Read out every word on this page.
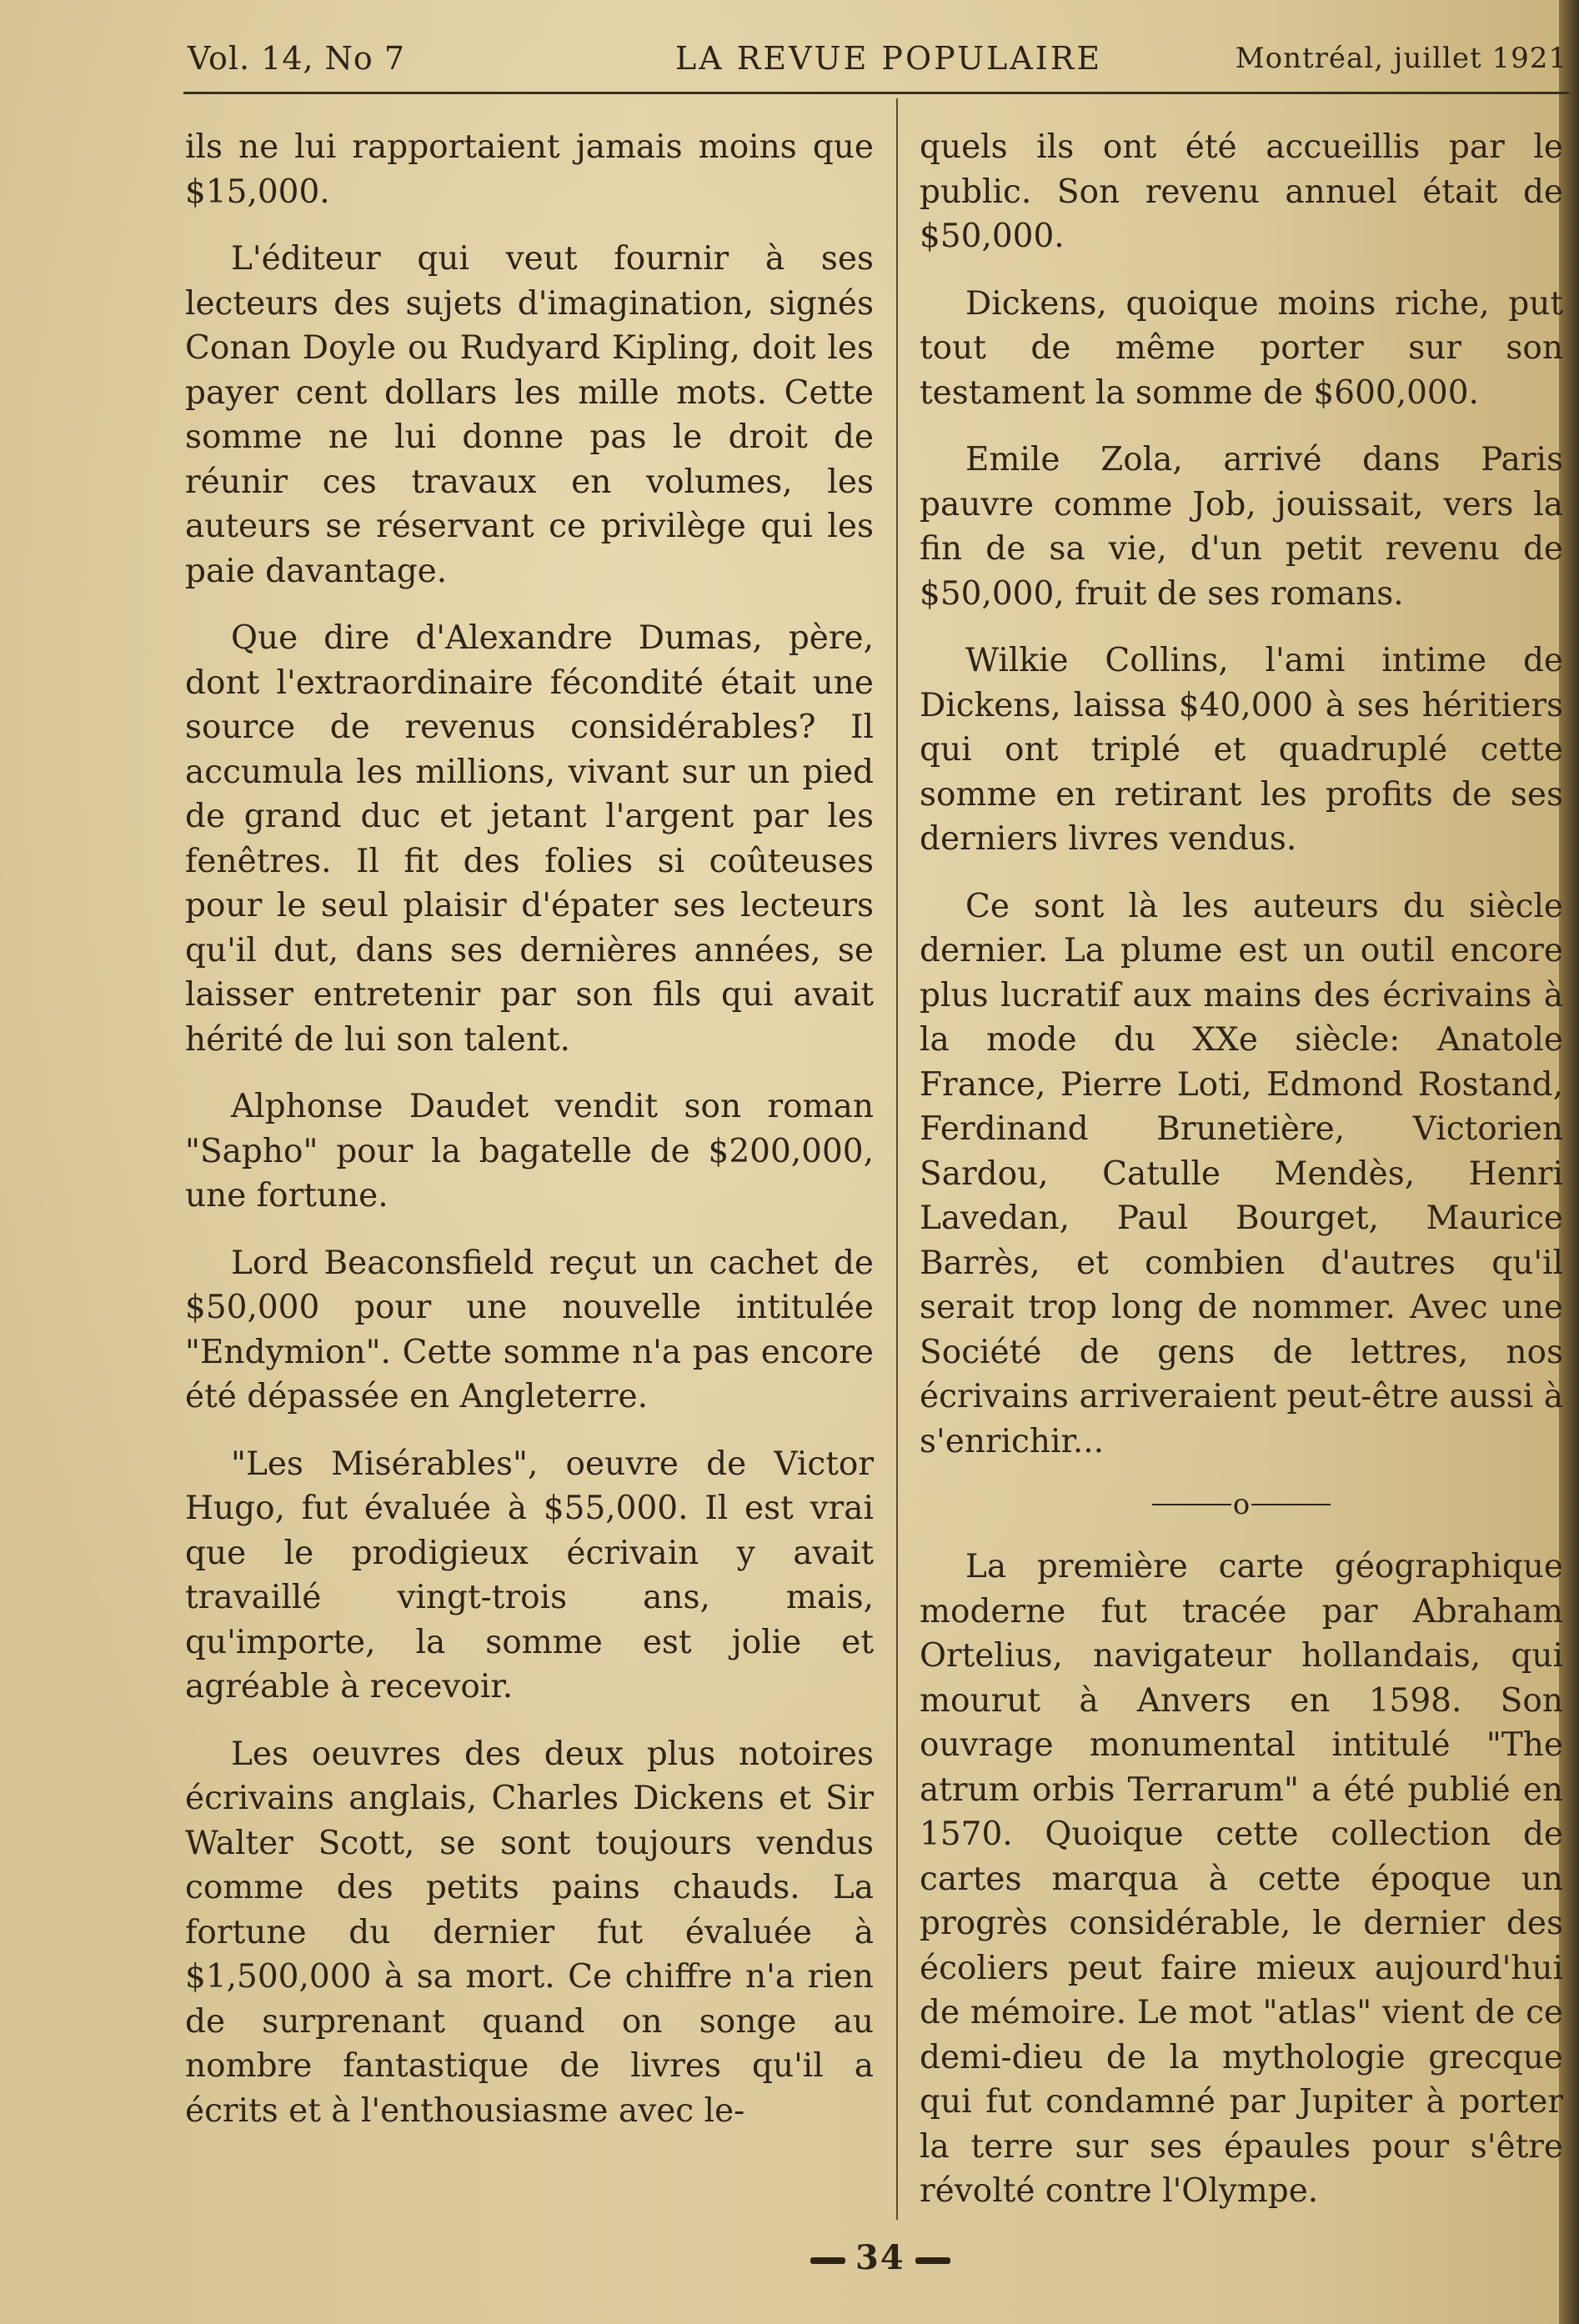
Vol. 14, No 7	LA REVUE POPULAIRE	Montréal, juillet 1921

ils ne lui rapportaient jamais moins que $15,000.

L'éditeur qui veut fournir à ses lecteurs des sujets d'imagination, signés Conan Doyle ou Rudyard Kipling, doit les payer cent dollars les mille mots. Cette somme ne lui donne pas le droit de réunir ces travaux en volumes, les auteurs se réservant ce privilège qui les paie davantage.

Que dire d'Alexandre Dumas, père, dont l'extraordinaire fécondité était une source de revenus considérables? Il accumula les millions, vivant sur un pied de grand duc et jetant l'argent par les fenêtres. Il fit des folies si coûteuses pour le seul plaisir d'épater ses lecteurs qu'il dut, dans ses dernières années, se laisser entretenir par son fils qui avait hérité de lui son talent.

Alphonse Daudet vendit son roman "Sapho" pour la bagatelle de $200,000, une fortune.

Lord Beaconsfield reçut un cachet de $50,000 pour une nouvelle intitulée "Endymion". Cette somme n'a pas encore été dépassée en Angleterre.

"Les Misérables", oeuvre de Victor Hugo, fut évaluée à $55,000. Il est vrai que le prodigieux écrivain y avait travaillé vingt-trois ans, mais, qu'importe, la somme est jolie et agréable à recevoir.

Les oeuvres des deux plus notoires écrivains anglais, Charles Dickens et Sir Walter Scott, se sont toujours vendus comme des petits pains chauds. La fortune du dernier fut évaluée à $1,500,000 à sa mort. Ce chiffre n'a rien de surprenant quand on songe au nombre fantastique de livres qu'il a écrits et à l'enthousiasme avec le-

quels ils ont été accueillis par le public. Son revenu annuel était de $50,000.

Dickens, quoique moins riche, put tout de même porter sur son testament la somme de $600,000.

Emile Zola, arrivé dans Paris pauvre comme Job, jouissait, vers la fin de sa vie, d'un petit revenu de $50,000, fruit de ses romans.

Wilkie Collins, l'ami intime de Dickens, laissa $40,000 à ses héritiers qui ont triplé et quadruplé cette somme en retirant les profits de ses derniers livres vendus.

Ce sont là les auteurs du siècle dernier. La plume est un outil encore plus lucratif aux mains des écrivains à la mode du XXe siècle: Anatole France, Pierre Loti, Edmond Rostand, Ferdinand Brunetière, Victorien Sardou, Catulle Mendès, Henri Lavedan, Paul Bourget, Maurice Barrès, et combien d'autres qu'il serait trop long de nommer. Avec une Société de gens de lettres, nos écrivains arriveraient peut-être aussi à s'enrichir...

o

La première carte géographique moderne fut tracée par Abraham Ortelius, navigateur hollandais, qui mourut à Anvers en 1598. Son ouvrage monumental intitulé "The atrum orbis Terrarum" a été publié en 1570. Quoique cette collection de cartes marqua à cette époque un progrès considérable, le dernier des écoliers peut faire mieux aujourd'hui de mémoire. Le mot "atlas" vient de ce demi-dieu de la mythologie grecque qui fut condamné par Jupiter à porter la terre sur ses épaules pour s'être révolté contre l'Olympe.

34
